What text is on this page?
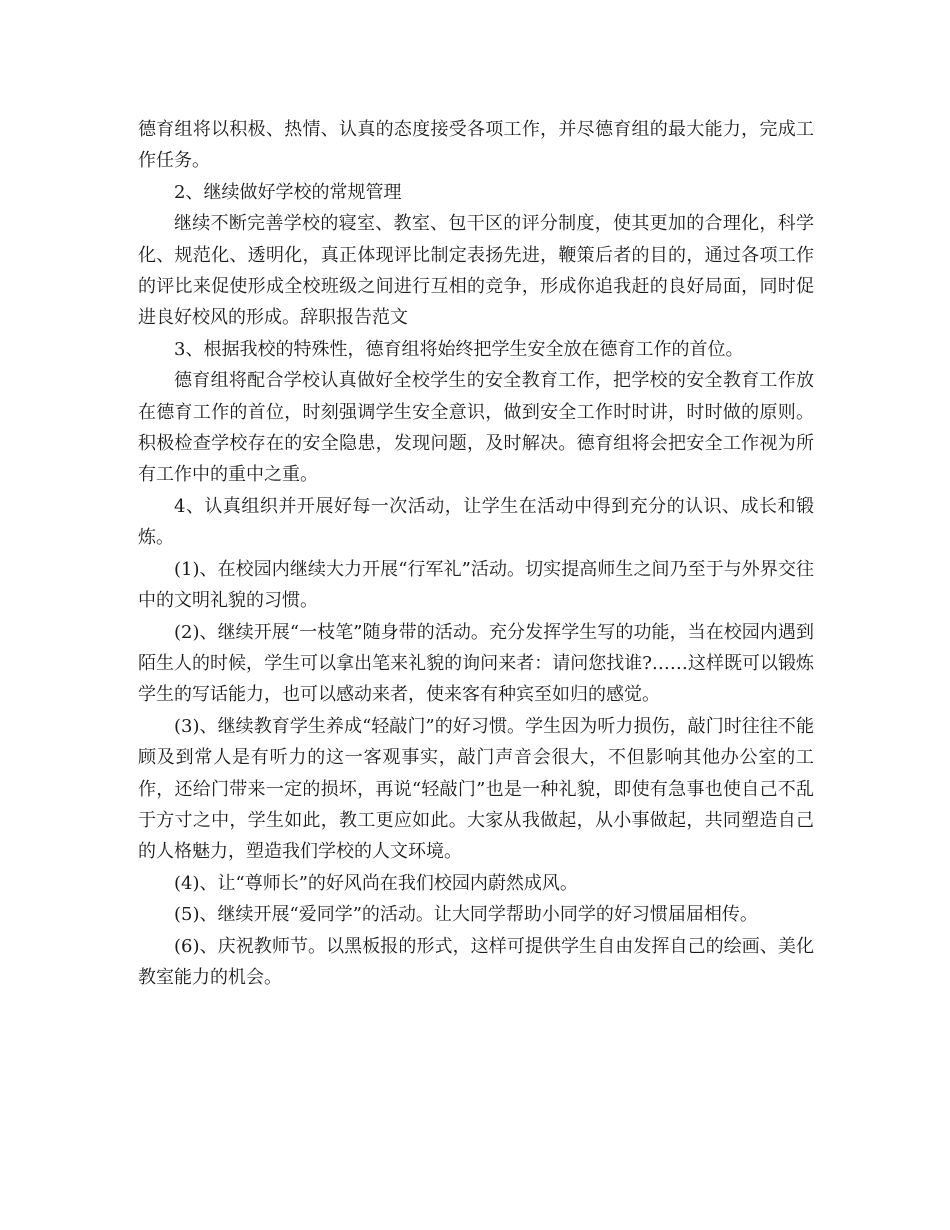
德育组将以积极、热情、认真的态度接受各项工作，并尽德育组的最大能力，完成工作任务。

2、继续做好学校的常规管理

继续不断完善学校的寝室、教室、包干区的评分制度，使其更加的合理化，科学化、规范化、透明化，真正体现评比制定表扬先进，鞭策后者的目的，通过各项工作的评比来促使形成全校班级之间进行互相的竞争，形成你追我赶的良好局面，同时促进良好校风的形成。辞职报告范文

3、根据我校的特殊性，德育组将始终把学生安全放在德育工作的首位。

德育组将配合学校认真做好全校学生的安全教育工作，把学校的安全教育工作放在德育工作的首位，时刻强调学生安全意识，做到安全工作时时讲，时时做的原则。积极检查学校存在的安全隐患，发现问题，及时解决。德育组将会把安全工作视为所有工作中的重中之重。

4、认真组织并开展好每一次活动，让学生在活动中得到充分的认识、成长和锻炼。

(1)、在校园内继续大力开展“行军礼”活动。切实提高师生之间乃至于与外界交往中的文明礼貌的习惯。

(2)、继续开展“一枝笔”随身带的活动。充分发挥学生写的功能，当在校园内遇到陌生人的时候，学生可以拿出笔来礼貌的询问来者：请问您找谁?……这样既可以锻炼学生的写话能力，也可以感动来者，使来客有种宾至如归的感觉。

(3)、继续教育学生养成“轻敲门”的好习惯。学生因为听力损伤，敲门时往往不能顾及到常人是有听力的这一客观事实，敲门声音会很大，不但影响其他办公室的工作，还给门带来一定的损坏，再说“轻敲门”也是一种礼貌，即使有急事也使自己不乱于方寸之中，学生如此，教工更应如此。大家从我做起，从小事做起，共同塑造自己的人格魅力，塑造我们学校的人文环境。

(4)、让“尊师长”的好风尚在我们校园内蔚然成风。

(5)、继续开展“爱同学”的活动。让大同学帮助小同学的好习惯届届相传。

(6)、庆祝教师节。以黑板报的形式，这样可提供学生自由发挥自己的绘画、美化教室能力的机会。
